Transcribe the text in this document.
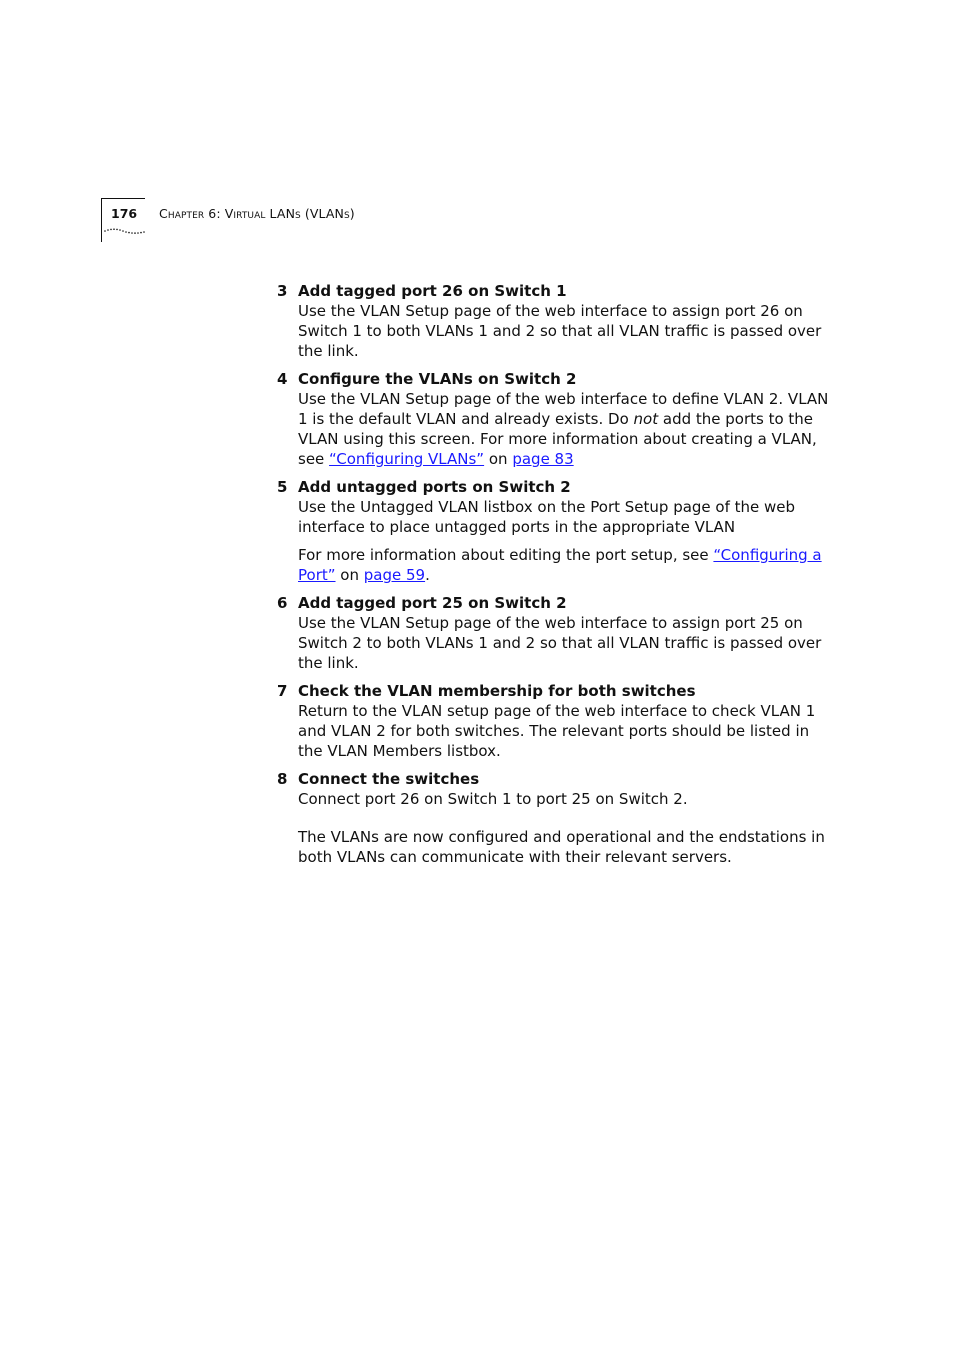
176 Chapter 6: Virtual LANs (VLANs)
3 Add tagged port 26 on Switch 1
Use the VLAN Setup page of the web interface to assign port 26 on Switch 1 to both VLANs 1 and 2 so that all VLAN traffic is passed over the link.
4 Configure the VLANs on Switch 2
Use the VLAN Setup page of the web interface to define VLAN 2. VLAN 1 is the default VLAN and already exists. Do not add the ports to the VLAN using this screen. For more information about creating a VLAN, see “Configuring VLANs” on page 83
5 Add untagged ports on Switch 2

Use the Untagged VLAN listbox on the Port Setup page of the web interface to place untagged ports in the appropriate VLAN

For more information about editing the port setup, see “Configuring a Port” on page 59.

6 Add tagged port 25 on Switch 2
Use the VLAN Setup page of the web interface to assign port 25 on Switch 2 to both VLANs 1 and 2 so that all VLAN traffic is passed over the link.
7 Check the VLAN membership for both switches
Return to the VLAN setup page of the web interface to check VLAN 1 and VLAN 2 for both switches. The relevant ports should be listed in the VLAN Members listbox.
8 Connect the switches
Connect port 26 on Switch 1 to port 25 on Switch 2.
The VLANs are now configured and operational and the endstations in both VLANs can communicate with their relevant servers.
